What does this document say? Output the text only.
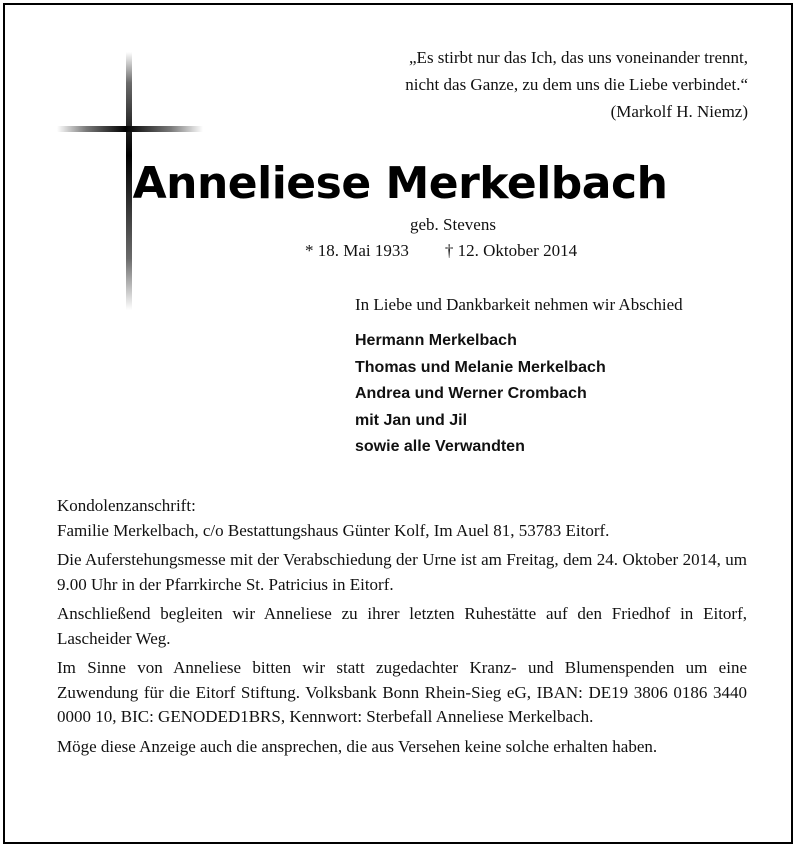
„Es stirbt nur das Ich, das uns voneinander trennt,
nicht das Ganze, zu dem uns die Liebe verbindet.“
(Markolf H. Niemz)
Anneliese Merkelbach
geb. Stevens
* 18. Mai 1933 † 12. Oktober 2014
In Liebe und Dankbarkeit nehmen wir Abschied
Hermann Merkelbach
Thomas und Melanie Merkelbach
Andrea und Werner Crombach
mit Jan und Jil
sowie alle Verwandten

Kondolenzanschrift:
Familie Merkelbach, c/o Bestattungshaus Günter Kolf, Im Auel 81, 53783 Eitorf.

Die Auferstehungsmesse mit der Verabschiedung der Urne ist am Freitag, dem 24. Oktober 2014, um 9.00 Uhr in der Pfarrkirche St. Patricius in Eitorf.

Anschließend begleiten wir Anneliese zu ihrer letzten Ruhestätte auf den Friedhof in Eitorf, Lascheider Weg.

Im Sinne von Anneliese bitten wir statt zugedachter Kranz- und Blumenspenden um eine Zuwendung für die Eitorf Stiftung. Volksbank Bonn Rhein-Sieg eG, IBAN: DE19 3806 0186 3440 0000 10, BIC: GENODED1BRS, Kennwort: Sterbefall Anneliese Merkelbach.

Möge diese Anzeige auch die ansprechen, die aus Versehen keine solche erhalten haben.
